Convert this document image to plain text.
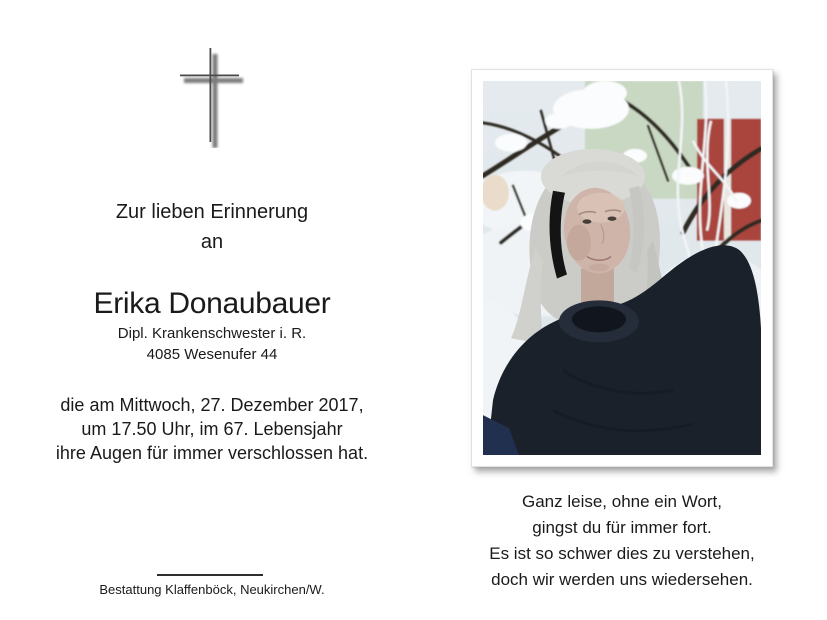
Zur lieben Erinnerung
an
Erika Donaubauer
Dipl. Krankenschwester i. R.
4085 Wesenufer 44
die am Mittwoch, 27. Dezember 2017,
um 17.50 Uhr, im 67. Lebensjahr
ihre Augen für immer verschlossen hat.
Bestattung Klaffenböck, Neukirchen/W.
Ganz leise, ohne ein Wort,
gingst du für immer fort.
Es ist so schwer dies zu verstehen,
doch wir werden uns wiedersehen.
